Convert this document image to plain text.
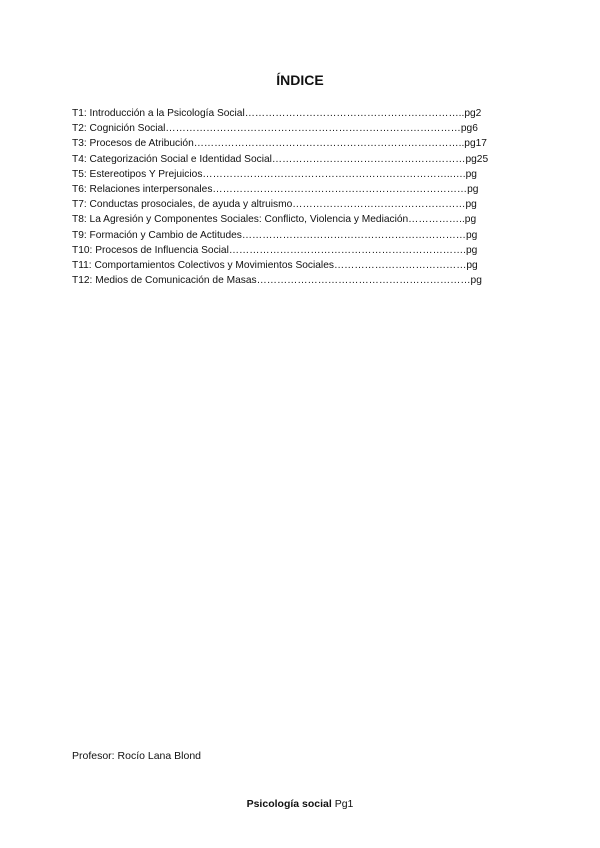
ÍNDICE
T1: Introducción a la Psicología Social………………………………………………………..pg2
T2: Cognición Social……………………………………………………………………………pg6
T3: Procesos de Atribución……………………………………………………………………..pg17
T4: Categorización Social e Identidad Social…………………………………………………pg25
T5: Estereotipos Y Prejuicios………………………………………………………………..….pg
T6: Relaciones interpersonales…………………………………………………………………pg
T7: Conductas prosociales, de ayuda y altruismo……………………………………………pg
T8: La Agresión y Componentes Sociales: Conflicto, Violencia y Mediación……………..pg
T9: Formación y Cambio de Actitudes…………………………………………………………pg
T10: Procesos de Influencia Social…………………………………………………………….pg
T11: Comportamientos Colectivos y Movimientos Sociales…………………………………pg
T12: Medios de Comunicación de Masas………………………………………………………pg
Profesor: Rocío Lana Blond
Psicología social Pg1
